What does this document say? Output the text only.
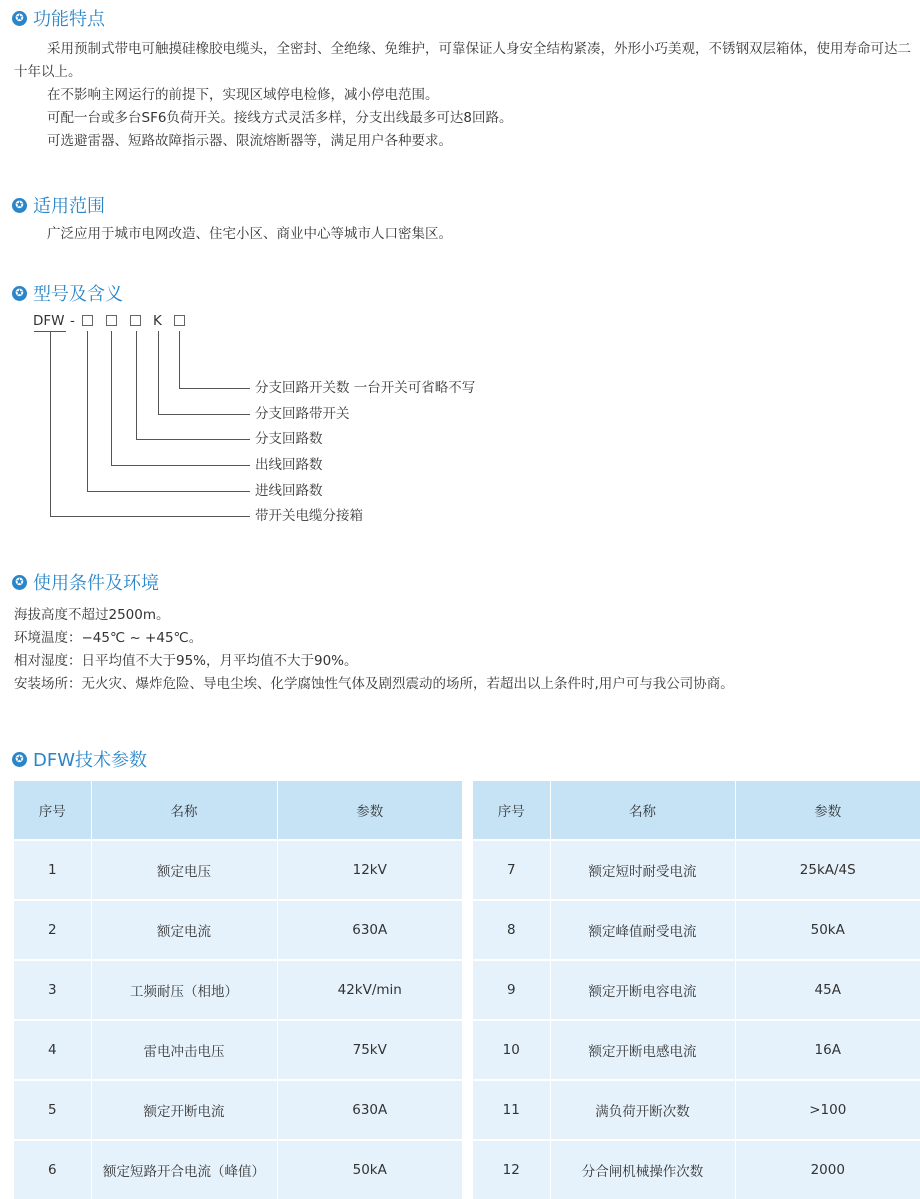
✪ 功能特点
采用预制式带电可触摸硅橡胶电缆头，全密封、全绝缘、免维护，可靠保证人身安全结构紧凑，外形小巧美观，不锈钢双层箱体，使用寿命可达二十年以上。
在不影响主网运行的前提下，实现区域停电检修，减小停电范围。
可配一台或多台SF6负荷开关。接线方式灵活多样，分支出线最多可达8回路。
可选避雷器、短路故障指示器、限流熔断器等，满足用户各种要求。
✪ 适用范围
广泛应用于城市电网改造、住宅小区、商业中心等城市人口密集区。
✪ 型号及含义
DFW -	K
分支回路开关数 一台开关可省略不写
分支回路带开关
分支回路数
出线回路数
进线回路数
带开关电缆分接箱
✪ 使用条件及环境
海拔高度不超过2500m。
环境温度：−45℃ ~ +45℃。
相对湿度：日平均值不大于95%，月平均值不大于90%。
安装场所：无火灾、爆炸危险、导电尘埃、化学腐蚀性气体及剧烈震动的场所，若超出以上条件时,用户可与我公司协商。
✪ DFW技术参数
序号	名称	参数
1	额定电压	12kV
2	额定电流	630A
3	工频耐压（相地）	42kV/min
4	雷电冲击电压	75kV
5	额定开断电流	630A
6	额定短路开合电流（峰值）	50kA
序号	名称	参数
7	额定短时耐受电流	25kA/4S
8	额定峰值耐受电流	50kA
9	额定开断电容电流	45A
10	额定开断电感电流	16A
11	满负荷开断次数	>100
12	分合闸机械操作次数	2000
